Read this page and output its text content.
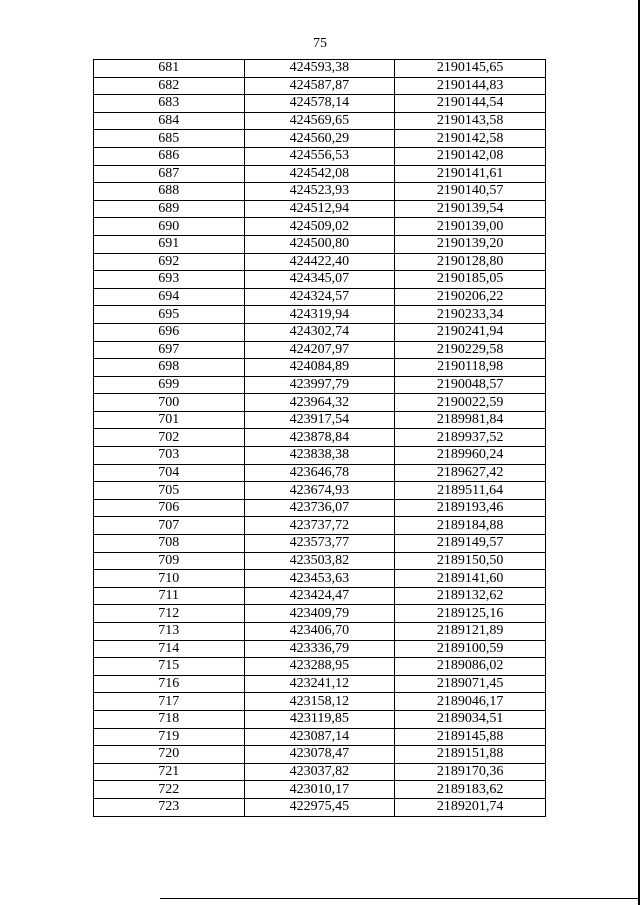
75
681	424593,38	2190145,65
682	424587,87	2190144,83
683	424578,14	2190144,54
684	424569,65	2190143,58
685	424560,29	2190142,58
686	424556,53	2190142,08
687	424542,08	2190141,61
688	424523,93	2190140,57
689	424512,94	2190139,54
690	424509,02	2190139,00
691	424500,80	2190139,20
692	424422,40	2190128,80
693	424345,07	2190185,05
694	424324,57	2190206,22
695	424319,94	2190233,34
696	424302,74	2190241,94
697	424207,97	2190229,58
698	424084,89	2190118,98
699	423997,79	2190048,57
700	423964,32	2190022,59
701	423917,54	2189981,84
702	423878,84	2189937,52
703	423838,38	2189960,24
704	423646,78	2189627,42
705	423674,93	2189511,64
706	423736,07	2189193,46
707	423737,72	2189184,88
708	423573,77	2189149,57
709	423503,82	2189150,50
710	423453,63	2189141,60
711	423424,47	2189132,62
712	423409,79	2189125,16
713	423406,70	2189121,89
714	423336,79	2189100,59
715	423288,95	2189086,02
716	423241,12	2189071,45
717	423158,12	2189046,17
718	423119,85	2189034,51
719	423087,14	2189145,88
720	423078,47	2189151,88
721	423037,82	2189170,36
722	423010,17	2189183,62
723	422975,45	2189201,74
